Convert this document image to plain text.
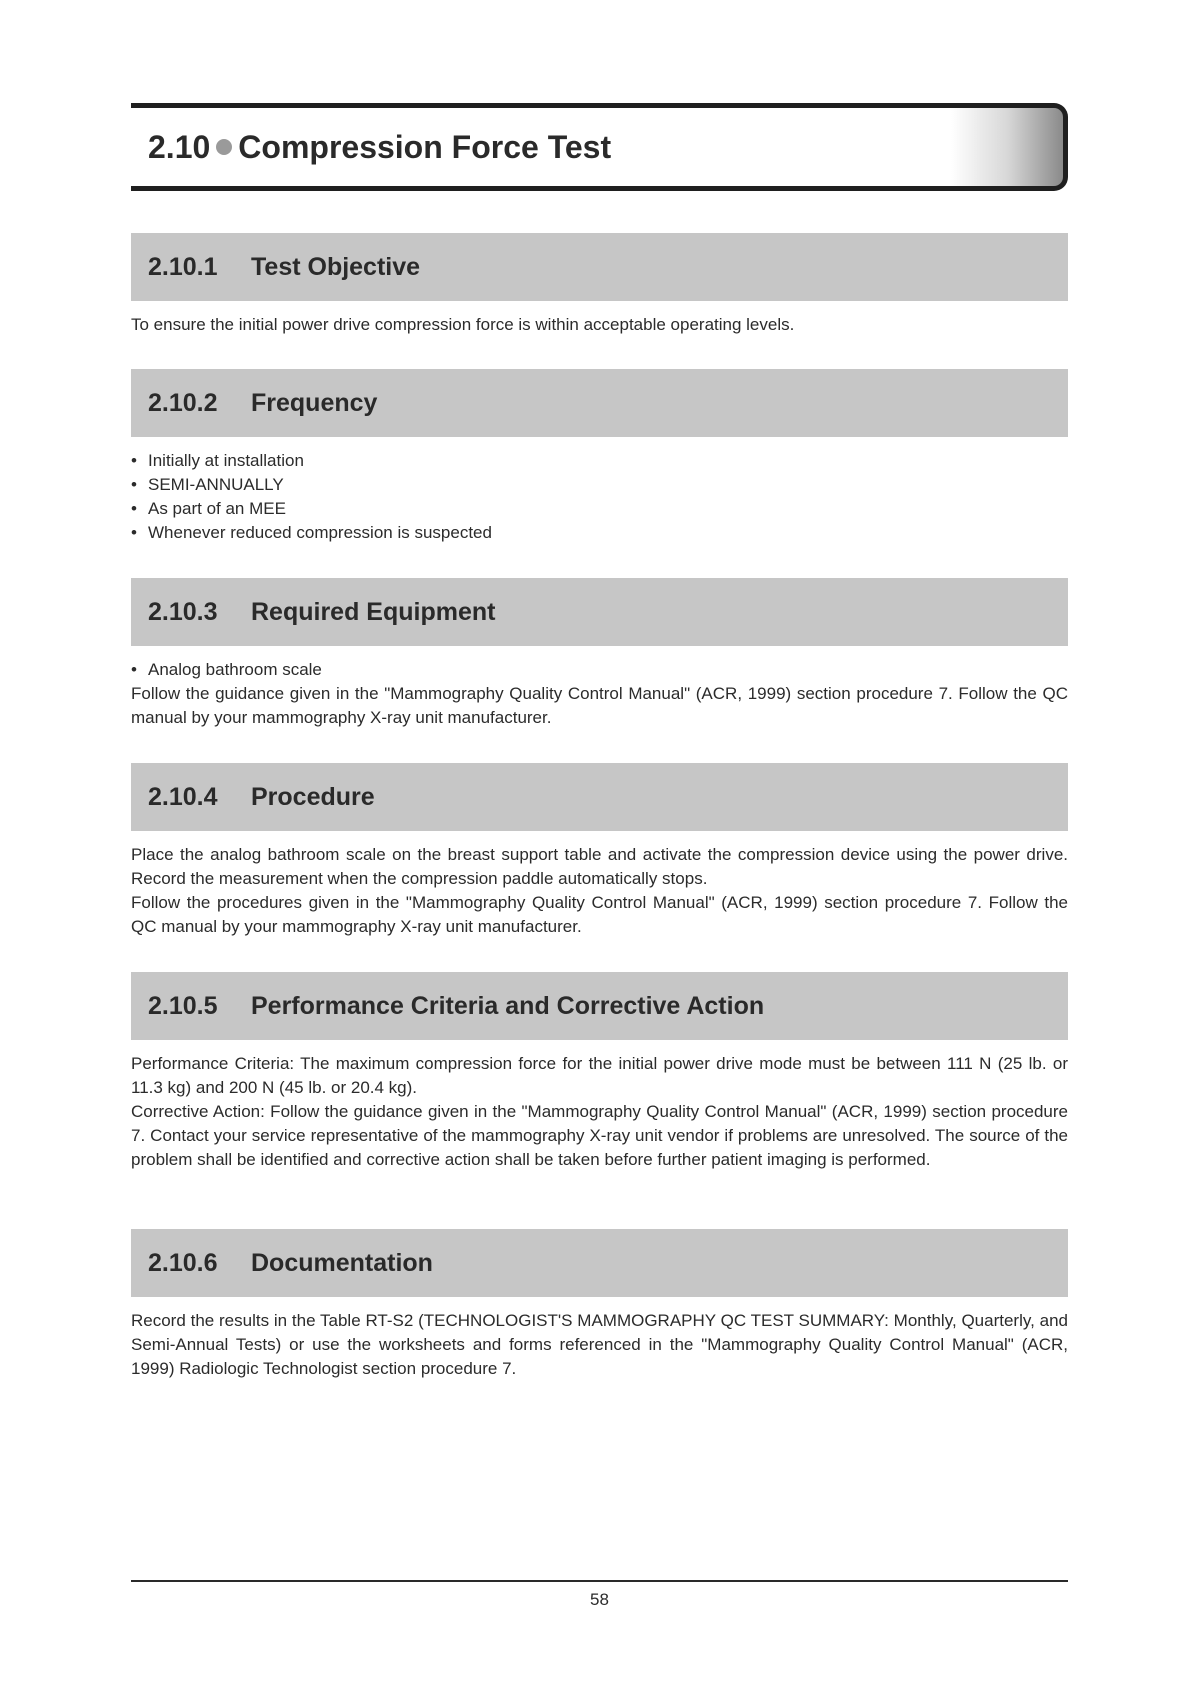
2.10 Compression Force Test
2.10.1	Test Objective
To ensure the initial power drive compression force is within acceptable operating levels.
2.10.2	Frequency
• Initially at installation
• SEMI-ANNUALLY
• As part of an MEE
• Whenever reduced compression is suspected
2.10.3	Required Equipment
• Analog bathroom scale
Follow the guidance given in the "Mammography Quality Control Manual" (ACR, 1999) section procedure 7. Follow the QC manual by your mammography X-ray unit manufacturer.
2.10.4	Procedure
Place the analog bathroom scale on the breast support table and activate the compression device using the power drive. Record the measurement when the compression paddle automatically stops.
Follow the procedures given in the "Mammography Quality Control Manual" (ACR, 1999) section procedure 7. Follow the QC manual by your mammography X-ray unit manufacturer.
2.10.5	Performance Criteria and Corrective Action
Performance Criteria: The maximum compression force for the initial power drive mode must be between 111 N (25 lb. or 11.3 kg) and 200 N (45 lb. or 20.4 kg).
Corrective Action: Follow the guidance given in the "Mammography Quality Control Manual" (ACR, 1999) section procedure 7. Contact your service representative of the mammography X-ray unit vendor if problems are unresolved. The source of the problem shall be identified and corrective action shall be taken before further patient imaging is performed.
2.10.6	Documentation
Record the results in the Table RT-S2 (TECHNOLOGIST'S MAMMOGRAPHY QC TEST SUMMARY: Monthly, Quarterly, and Semi-Annual Tests) or use the worksheets and forms referenced in the "Mammography Quality Control Manual" (ACR, 1999) Radiologic Technologist section procedure 7.
58
